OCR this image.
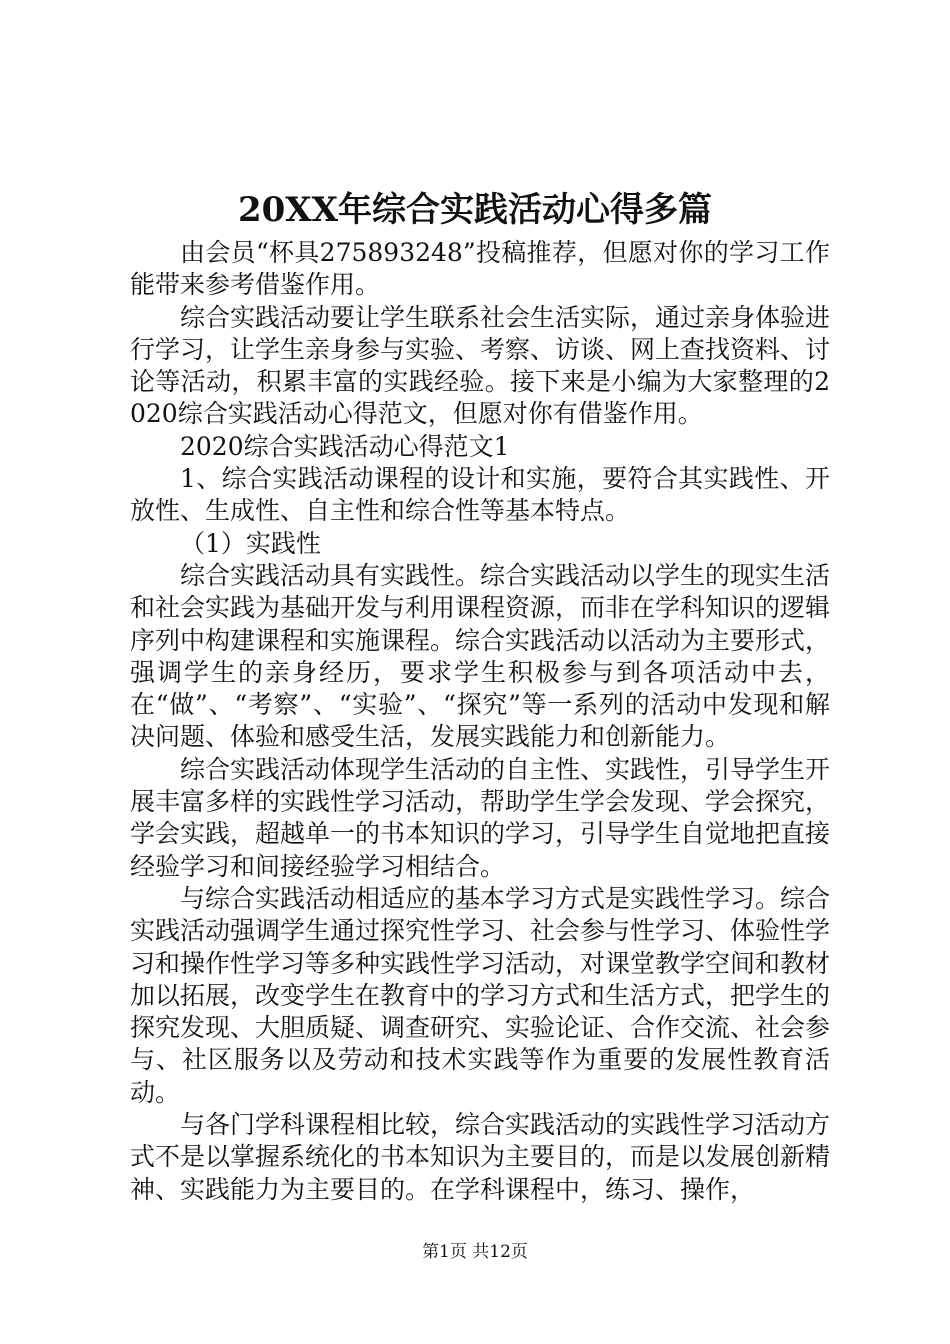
20XX年综合实践活动心得多篇

由会员“杯具275893248”投稿推荐，但愿对你的学习工作能带来参考借鉴作用。

综合实践活动要让学生联系社会生活实际，通过亲身体验进行学习，让学生亲身参与实验、考察、访谈、网上查找资料、讨论等活动，积累丰富的实践经验。接下来是小编为大家整理的2020综合实践活动心得范文，但愿对你有借鉴作用。

2020综合实践活动心得范文1

1、综合实践活动课程的设计和实施，要符合其实践性、开放性、生成性、自主性和综合性等基本特点。

（1）实践性

综合实践活动具有实践性。综合实践活动以学生的现实生活和社会实践为基础开发与利用课程资源，而非在学科知识的逻辑序列中构建课程和实施课程。综合实践活动以活动为主要形式，强调学生的亲身经历，要求学生积极参与到各项活动中去，在“做”、“考察”、“实验”、“探究”等一系列的活动中发现和解决问题、体验和感受生活，发展实践能力和创新能力。

综合实践活动体现学生活动的自主性、实践性，引导学生开展丰富多样的实践性学习活动，帮助学生学会发现、学会探究，学会实践，超越单一的书本知识的学习，引导学生自觉地把直接经验学习和间接经验学习相结合。

与综合实践活动相适应的基本学习方式是实践性学习。综合实践活动强调学生通过探究性学习、社会参与性学习、体验性学习和操作性学习等多种实践性学习活动，对课堂教学空间和教材加以拓展，改变学生在教育中的学习方式和生活方式，把学生的探究发现、大胆质疑、调查研究、实验论证、合作交流、社会参与、社区服务以及劳动和技术实践等作为重要的发展性教育活动。

与各门学科课程相比较，综合实践活动的实践性学习活动方式不是以掌握系统化的书本知识为主要目的，而是以发展创新精神、实践能力为主要目的。在学科课程中，练习、操作，

第1页 共12页
